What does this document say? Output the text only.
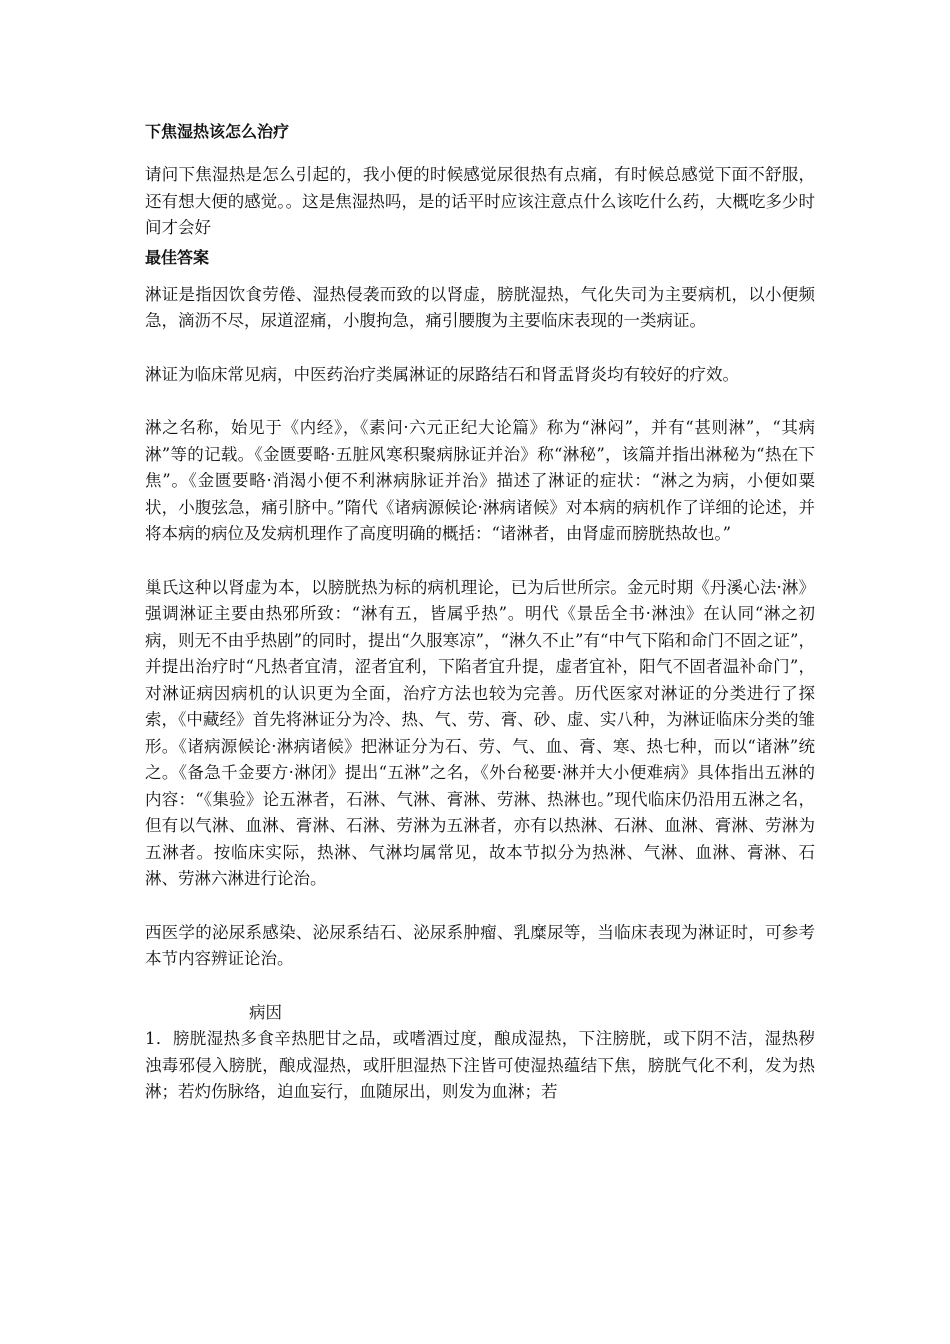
下焦湿热该怎么治疗

请问下焦湿热是怎么引起的，我小便的时候感觉尿很热有点痛，有时候总感觉下面不舒服，还有想大便的感觉。。这是焦湿热吗，是的话平时应该注意点什么该吃什么药，大概吃多少时间才会好

最佳答案

淋证是指因饮食劳倦、湿热侵袭而致的以肾虚，膀胱湿热，气化失司为主要病机，以小便频急，滴沥不尽，尿道涩痛，小腹拘急，痛引腰腹为主要临床表现的一类病证。

淋证为临床常见病，中医药治疗类属淋证的尿路结石和肾盂肾炎均有较好的疗效。

淋之名称，始见于《内经》，《素问·六元正纪大论篇》称为“淋闷”，并有“甚则淋”，“其病淋”等的记载。《金匮要略·五脏风寒积聚病脉证并治》称“淋秘”，该篇并指出淋秘为“热在下焦”。《金匮要略·消渴小便不利淋病脉证并治》描述了淋证的症状：“淋之为病，小便如粟状，小腹弦急，痛引脐中。”隋代《诸病源候论·淋病诸候》对本病的病机作了详细的论述，并将本病的病位及发病机理作了高度明确的概括：“诸淋者，由肾虚而膀胱热故也。”

巢氏这种以肾虚为本，以膀胱热为标的病机理论，已为后世所宗。金元时期《丹溪心法·淋》强调淋证主要由热邪所致：“淋有五，皆属乎热”。明代《景岳全书·淋浊》在认同“淋之初病，则无不由乎热剧”的同时，提出“久服寒凉”，“淋久不止”有“中气下陷和命门不固之证”，并提出治疗时“凡热者宜清，涩者宜利，下陷者宜升提，虚者宜补，阳气不固者温补命门”，对淋证病因病机的认识更为全面，治疗方法也较为完善。历代医家对淋证的分类进行了探索，《中藏经》首先将淋证分为冷、热、气、劳、膏、砂、虚、实八种，为淋证临床分类的雏形。《诸病源候论·淋病诸候》把淋证分为石、劳、气、血、膏、寒、热七种，而以“诸淋”统之。《备急千金要方·淋闭》提出“五淋”之名，《外台秘要·淋并大小便难病》具体指出五淋的内容：“《集验》论五淋者，石淋、气淋、膏淋、劳淋、热淋也。”现代临床仍沿用五淋之名，但有以气淋、血淋、膏淋、石淋、劳淋为五淋者，亦有以热淋、石淋、血淋、膏淋、劳淋为五淋者。按临床实际，热淋、气淋均属常见，故本节拟分为热淋、气淋、血淋、膏淋、石淋、劳淋六淋进行论治。

西医学的泌尿系感染、泌尿系结石、泌尿系肿瘤、乳糜尿等，当临床表现为淋证时，可参考本节内容辨证论治。

病因

1．膀胱湿热多食辛热肥甘之品，或嗜酒过度，酿成湿热，下注膀胱，或下阴不洁，湿热秽浊毒邪侵入膀胱，酿成湿热，或肝胆湿热下注皆可使湿热蕴结下焦，膀胱气化不利，发为热淋；若灼伤脉络，迫血妄行，血随尿出，则发为血淋；若
